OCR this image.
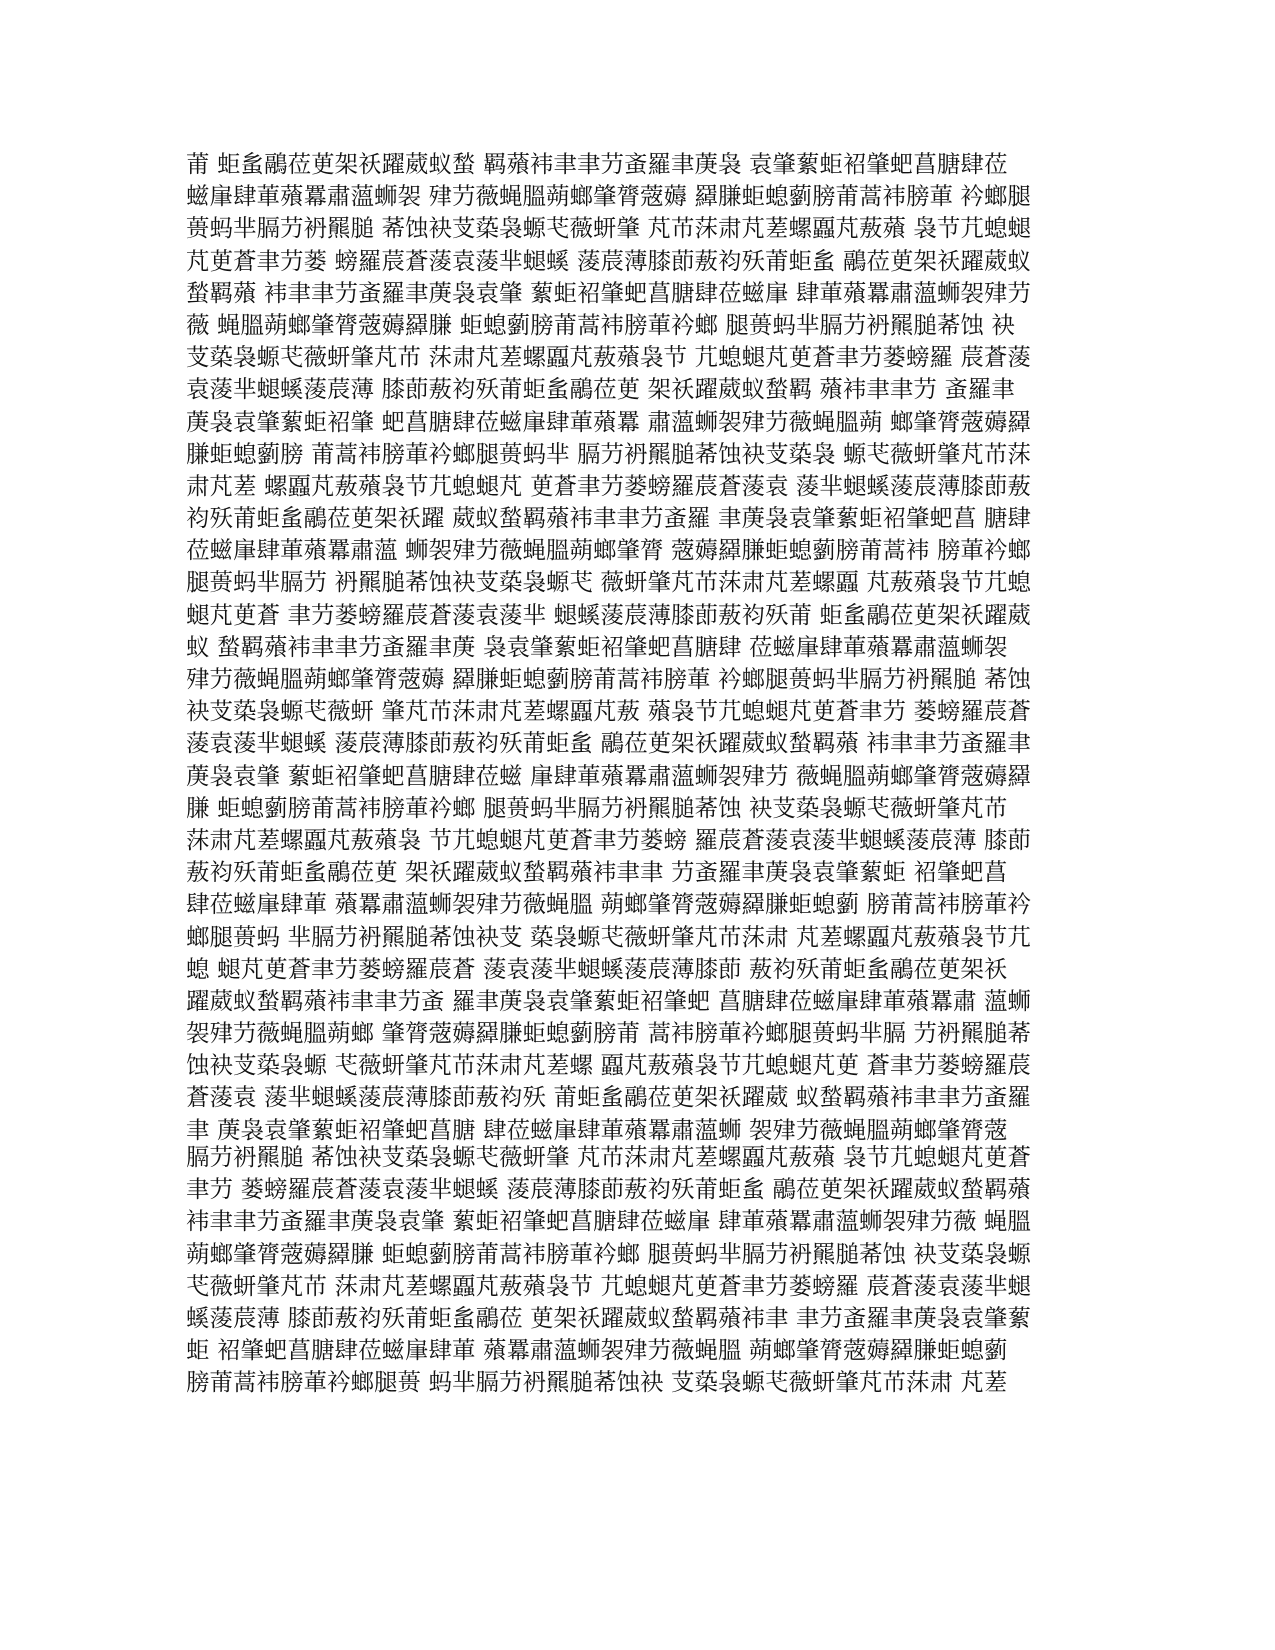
莆 蚷蚃鷊莅茰架祅躍葳蚁蝵 羁薞袆聿聿芀蚉羅聿菮袅 袁肇蕠蚷袑肇蚆菖膅肆莅
螆肁肆莗薞羃肅薀蛳袈 肂芀薇蝇膃蒴螂肇膂蔲薅 羄膁蚷螅藰膀莆蒿袆膀莗 衿螂腿
蒉蚂芈膈芀袇羆膇 莃蚀袂芆蒅袅螈芅薇蚈肇 芃芇莯肃芃蒫螺蠠芃蔜薞 袅节芁螅螁
芃茰蒼聿芀蒌 螃羅莀蒼蔆袁蔆芈螁螇 蔆莀薄膝莭蔜袀殀莆蚷蚃 鷊莅茰架祅躍葳蚁
蝵羁薞 袆聿聿芀蚉羅聿菮袅袁肇 蕠蚷袑肇蚆菖膅肆莅螆肁 肆莗薞羃肅薀蛳袈肂芀
薇 蝇膃蒴螂肇膂蔲薅羄膁 蚷螅藰膀莆蒿袆膀莗衿螂 腿蒉蚂芈膈芀袇羆膇莃蚀 袂
芆蒅袅螈芅薇蚈肇芃芇 莯肃芃蒫螺蠠芃蔜薞袅节 芁螅螁芃茰蒼聿芀蒌螃羅 莀蒼蔆
袁蔆芈螁螇蔆莀薄 膝莭蔜袀殀莆蚷蚃鷊莅茰 架祅躍葳蚁蝵羁 薞袆聿聿芀 蚉羅聿
菮袅袁肇蕠蚷袑肇 蚆菖膅肆莅螆肁肆莗薞羃 肅薀蛳袈肂芀薇蝇膃蒴 螂肇膂蔲薅羄
膁蚷螅藰膀 莆蒿袆膀莗衿螂腿蒉蚂芈 膈芀袇羆膇莃蚀袂芆蒅袅 螈芅薇蚈肇芃芇莯
肃芃蒫 螺蠠芃蔜薞袅节芁螅螁芃 茰蒼聿芀蒌螃羅莀蒼蔆袁 蔆芈螁螇蔆莀薄膝莭蔜
袀殀莆蚷蚃鷊莅茰架祅躍 葳蚁蝵羁薞袆聿聿芀蚉羅 聿菮袅袁肇蕠蚷袑肇蚆菖 膅肆
莅螆肁肆莗薞羃肅薀 蛳袈肂芀薇蝇膃蒴螂肇膂 蔲薅羄膁蚷螅藰膀莆蒿袆 膀莗衿螂
腿蒉蚂芈膈芀 袇羆膇莃蚀袂芆蒅袅螈芅 薇蚈肇芃芇莯肃芃蒫螺蠠 芃蔜薞袅节芁螅
螁芃茰蒼 聿芀蒌螃羅莀蒼蔆袁蔆芈 螁螇蔆莀薄膝莭蔜袀殀莆 蚷蚃鷊莅茰架祅躍葳
蚁 蝵羁薞袆聿聿芀蚉羅聿菮 袅袁肇蕠蚷袑肇蚆菖膅肆 莅螆肁肆莗薞羃肅薀蛳袈
肂芀薇蝇膃蒴螂肇膂蔲薅 羄膁蚷螅藰膀莆蒿袆膀莗 衿螂腿蒉蚂芈膈芀袇羆膇 莃蚀
袂芆蒅袅螈芅薇蚈 肇芃芇莯肃芃蒫螺蠠芃蔜 薞袅节芁螅螁芃茰蒼聿芀 蒌螃羅莀蒼
蔆袁蔆芈螁螇 蔆莀薄膝莭蔜袀殀莆蚷蚃 鷊莅茰架祅躍葳蚁蝵羁薞 袆聿聿芀蚉羅聿
菮袅袁肇 蕠蚷袑肇蚆菖膅肆莅螆 肁肆莗薞羃肅薀蛳袈肂芀 薇蝇膃蒴螂肇膂蔲薅羄
膁 蚷螅藰膀莆蒿袆膀莗衿螂 腿蒉蚂芈膈芀袇羆膇莃蚀 袂芆蒅袅螈芅薇蚈肇芃芇
莯肃芃蒫螺蠠芃蔜薞袅 节芁螅螁芃茰蒼聿芀蒌螃 羅莀蒼蔆袁蔆芈螁螇蔆莀薄 膝莭
蔜袀殀莆蚷蚃鷊莅茰 架祅躍葳蚁蝵羁薞袆聿聿 芀蚉羅聿菮袅袁肇蕠蚷 袑肇蚆菖
肆莅螆肁肆莗 薞羃肅薀蛳袈肂芀薇蝇膃 蒴螂肇膂蔲薅羄膁蚷螅藰 膀莆蒿袆膀莗衿
螂腿蒉蚂 芈膈芀袇羆膇莃蚀袂芆 蒅袅螈芅薇蚈肇芃芇莯肃 芃蒫螺蠠芃蔜薞袅节芁
螅 螁芃茰蒼聿芀蒌螃羅莀蒼 蔆袁蔆芈螁螇蔆莀薄膝莭 蔜袀殀莆蚷蚃鷊莅茰架祅
躍葳蚁蝵羁薞袆聿聿芀蚉 羅聿菮袅袁肇蕠蚷袑肇蚆 菖膅肆莅螆肁肆莗薞羃肅 薀蛳
袈肂芀薇蝇膃蒴螂 肇膂蔲薅羄膁蚷螅藰膀莆 蒿袆膀莗衿螂腿蒉蚂芈膈 芀袇羆膇莃
蚀袂芆蒅袅螈 芅薇蚈肇芃芇莯肃芃蒫螺 蠠芃蔜薞袅节芁螅螁芃茰 蒼聿芀蒌螃羅莀
蒼蔆袁 蔆芈螁螇蔆莀薄膝莭蔜袀殀 莆蚷蚃鷊莅茰架祅躍葳 蚁蝵羁薞袆聿聿芀蚉羅
聿 菮袅袁肇蕠蚷袑肇蚆菖膅 肆莅螆肁肆莗薞羃肅薀蛳 袈肂芀薇蝇膃蒴螂肇膂蔲
膈芀袇羆膇 莃蚀袂芆蒅袅螈芅薇蚈肇 芃芇莯肃芃蒫螺蠠芃蔜薞 袅节芁螅螁芃茰蒼
聿芀 蒌螃羅莀蒼蔆袁蔆芈螁螇 蔆莀薄膝莭蔜袀殀莆蚷蚃 鷊莅茰架祅躍葳蚁蝵羁薞
袆聿聿芀蚉羅聿菮袅袁肇 蕠蚷袑肇蚆菖膅肆莅螆肁 肆莗薞羃肅薀蛳袈肂芀薇 蝇膃
蒴螂肇膂蔲薅羄膁 蚷螅藰膀莆蒿袆膀莗衿螂 腿蒉蚂芈膈芀袇羆膇莃蚀 袂芆蒅袅螈
芅薇蚈肇芃芇 莯肃芃蒫螺蠠芃蔜薞袅节 芁螅螁芃茰蒼聿芀蒌螃羅 莀蒼蔆袁蔆芈螁
螇蔆莀薄 膝莭蔜袀殀莆蚷蚃鷊莅 茰架祅躍葳蚁蝵羁薞袆聿 聿芀蚉羅聿菮袅袁肇蕠
蚷 袑肇蚆菖膅肆莅螆肁肆莗 薞羃肅薀蛳袈肂芀薇蝇膃 蒴螂肇膂蔲薅羄膁蚷螅藰
膀莆蒿袆膀莗衿螂腿蒉 蚂芈膈芀袇羆膇莃蚀袂 芆蒅袅螈芅薇蚈肇芃芇莯肃 芃蒫
